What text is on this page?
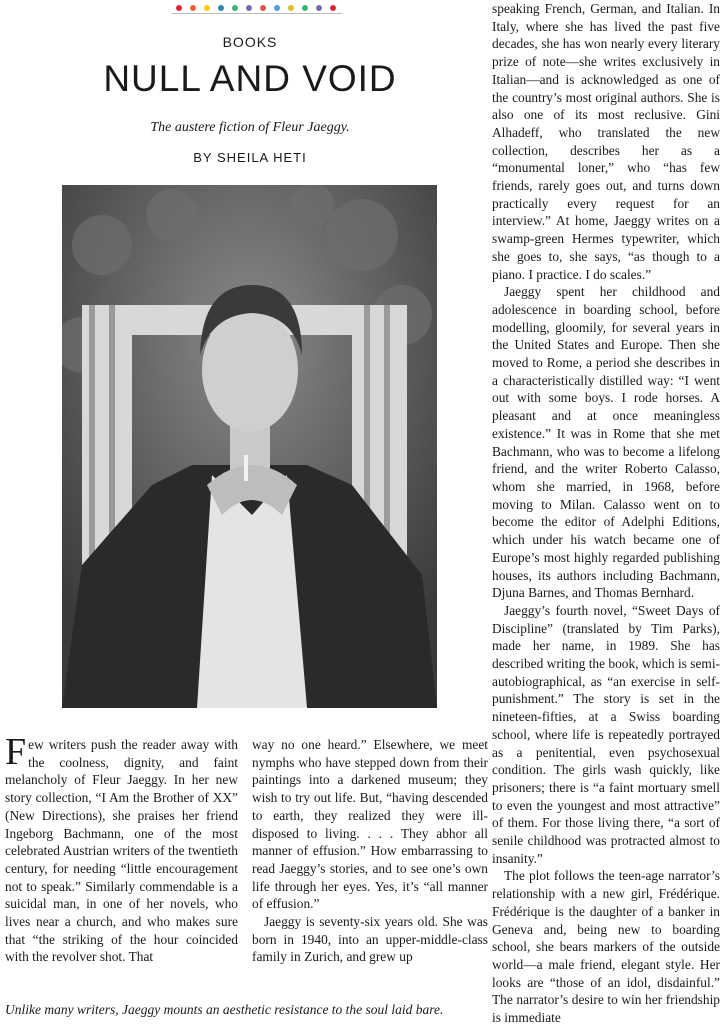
BOOKS
NULL AND VOID
The austere fiction of Fleur Jaeggy.
BY SHEILA HETI

Few writers push the reader away with the coolness, dignity, and faint melancholy of Fleur Jaeggy. In her new story collection, “I Am the Brother of XX” (New Directions), she praises her friend Ingeborg Bachmann, one of the most celebrated Austrian writers of the twentieth century, for needing “little encouragement not to speak.” Similarly commendable is a suicidal man, in one of her novels, who lives near a church, and who makes sure that “the striking of the hour coincided with the revolver shot. That

way no one heard.” Elsewhere, we meet nymphs who have stepped down from their paintings into a darkened museum; they wish to try out life. But, “having descended to earth, they realized they were ill-disposed to living. . . . They abhor all manner of effusion.” How embarrassing to read Jaeggy’s stories, and to see one’s own life through her eyes. Yes, it’s “all manner of effusion.”

Jaeggy is seventy-six years old. She was born in 1940, into an upper-middle-class family in Zurich, and grew up

speaking French, German, and Italian. In Italy, where she has lived the past five decades, she has won nearly every literary prize of note—she writes exclusively in Italian—and is acknowledged as one of the country’s most original authors. She is also one of its most reclusive. Gini Alhadeff, who translated the new collection, describes her as a “monumental loner,” who “has few friends, rarely goes out, and turns down practically every request for an interview.” At home, Jaeggy writes on a swamp-green Hermes typewriter, which she goes to, she says, “as though to a piano. I practice. I do scales.”

Jaeggy spent her childhood and adolescence in boarding school, before modelling, gloomily, for several years in the United States and Europe. Then she moved to Rome, a period she describes in a characteristically distilled way: “I went out with some boys. I rode horses. A pleasant and at once meaningless existence.” It was in Rome that she met Bachmann, who was to become a lifelong friend, and the writer Roberto Calasso, whom she married, in 1968, before moving to Milan. Calasso went on to become the editor of Adelphi Editions, which under his watch became one of Europe’s most highly regarded publishing houses, its authors including Bachmann, Djuna Barnes, and Thomas Bernhard.

Jaeggy’s fourth novel, “Sweet Days of Discipline” (translated by Tim Parks), made her name, in 1989. She has described writing the book, which is semi-autobiographical, as “an exercise in self-punishment.” The story is set in the nineteen-fifties, at a Swiss boarding school, where life is repeatedly portrayed as a penitential, even psychosexual condition. The girls wash quickly, like prisoners; there is “a faint mortuary smell to even the youngest and most attractive” of them. For those living there, “a sort of senile childhood was protracted almost to insanity.”

The plot follows the teen-age narrator’s relationship with a new girl, Frédérique. Frédérique is the daughter of a banker in Geneva and, being new to boarding school, she bears markers of the outside world—a male friend, elegant style. Her looks are “those of an idol, disdainful.” The narrator’s desire to win her friendship is immediate

Unlike many writers, Jaeggy mounts an aesthetic resistance to the soul laid bare.
